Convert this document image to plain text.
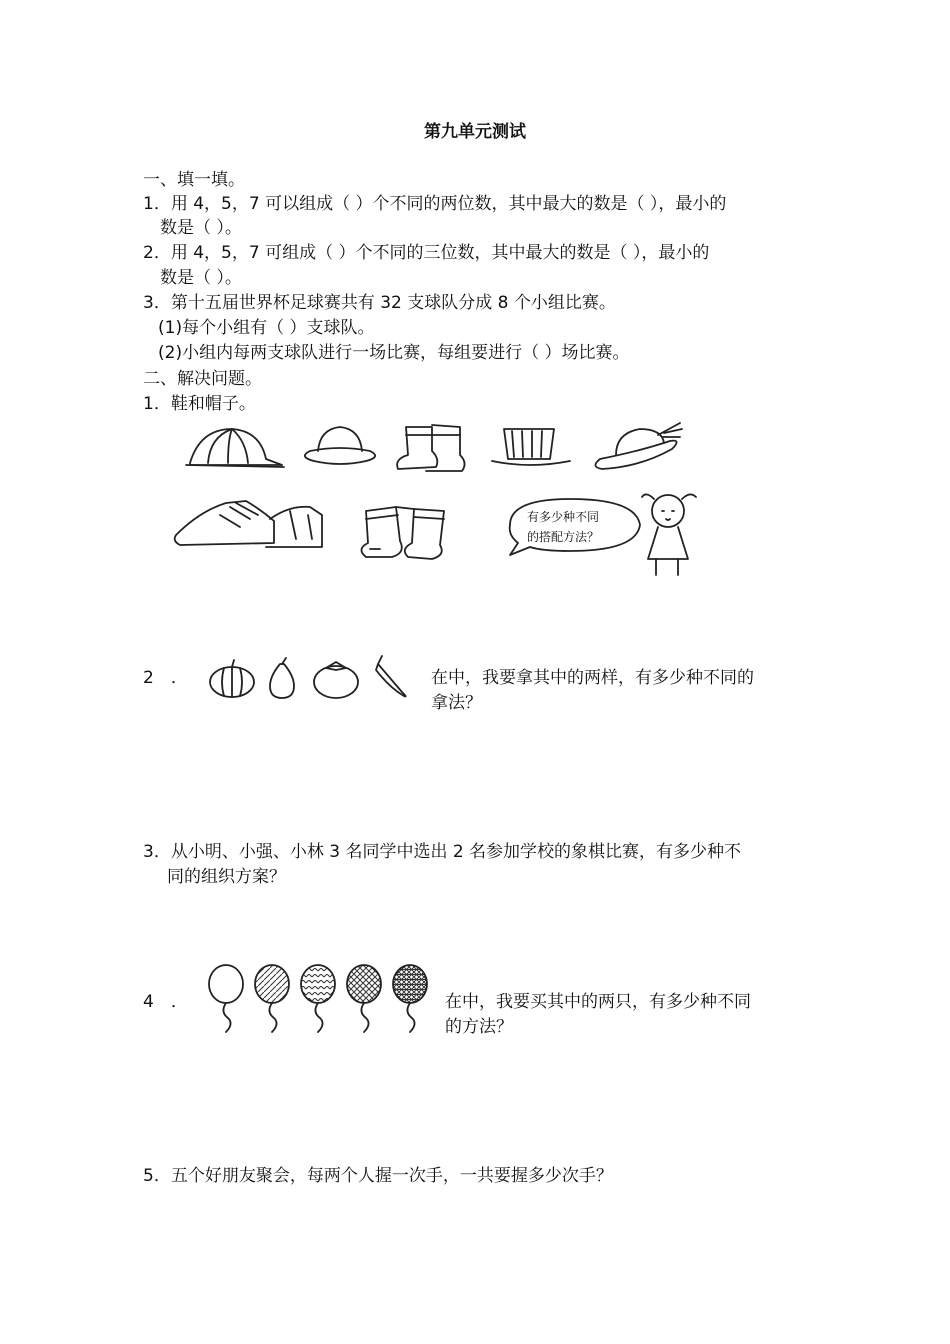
第九单元测试
一、填一填。
1．用 4，5，7 可以组成（ ）个不同的两位数，其中最大的数是（ ），最小的
数是（ ）。
2．用 4，5，7 可组成（ ）个不同的三位数，其中最大的数是（ ），最小的
数是（ ）。
3．第十五届世界杯足球赛共有 32 支球队分成 8 个小组比赛。
(1)每个小组有（ ）支球队。
(2)小组内每两支球队进行一场比赛，每组要进行（ ）场比赛。
二、解决问题。
1．鞋和帽子。
有多少种不同
的搭配方法？
2　．	在中，我要拿其中的两样，有多少种不同的
拿法？
3．从小明、小强、小林 3 名同学中选出 2 名参加学校的象棋比赛，有多少种不
同的组织方案？
4　．	在中，我要买其中的两只，有多少种不同
的方法？
5．五个好朋友聚会，每两个人握一次手，一共要握多少次手？
